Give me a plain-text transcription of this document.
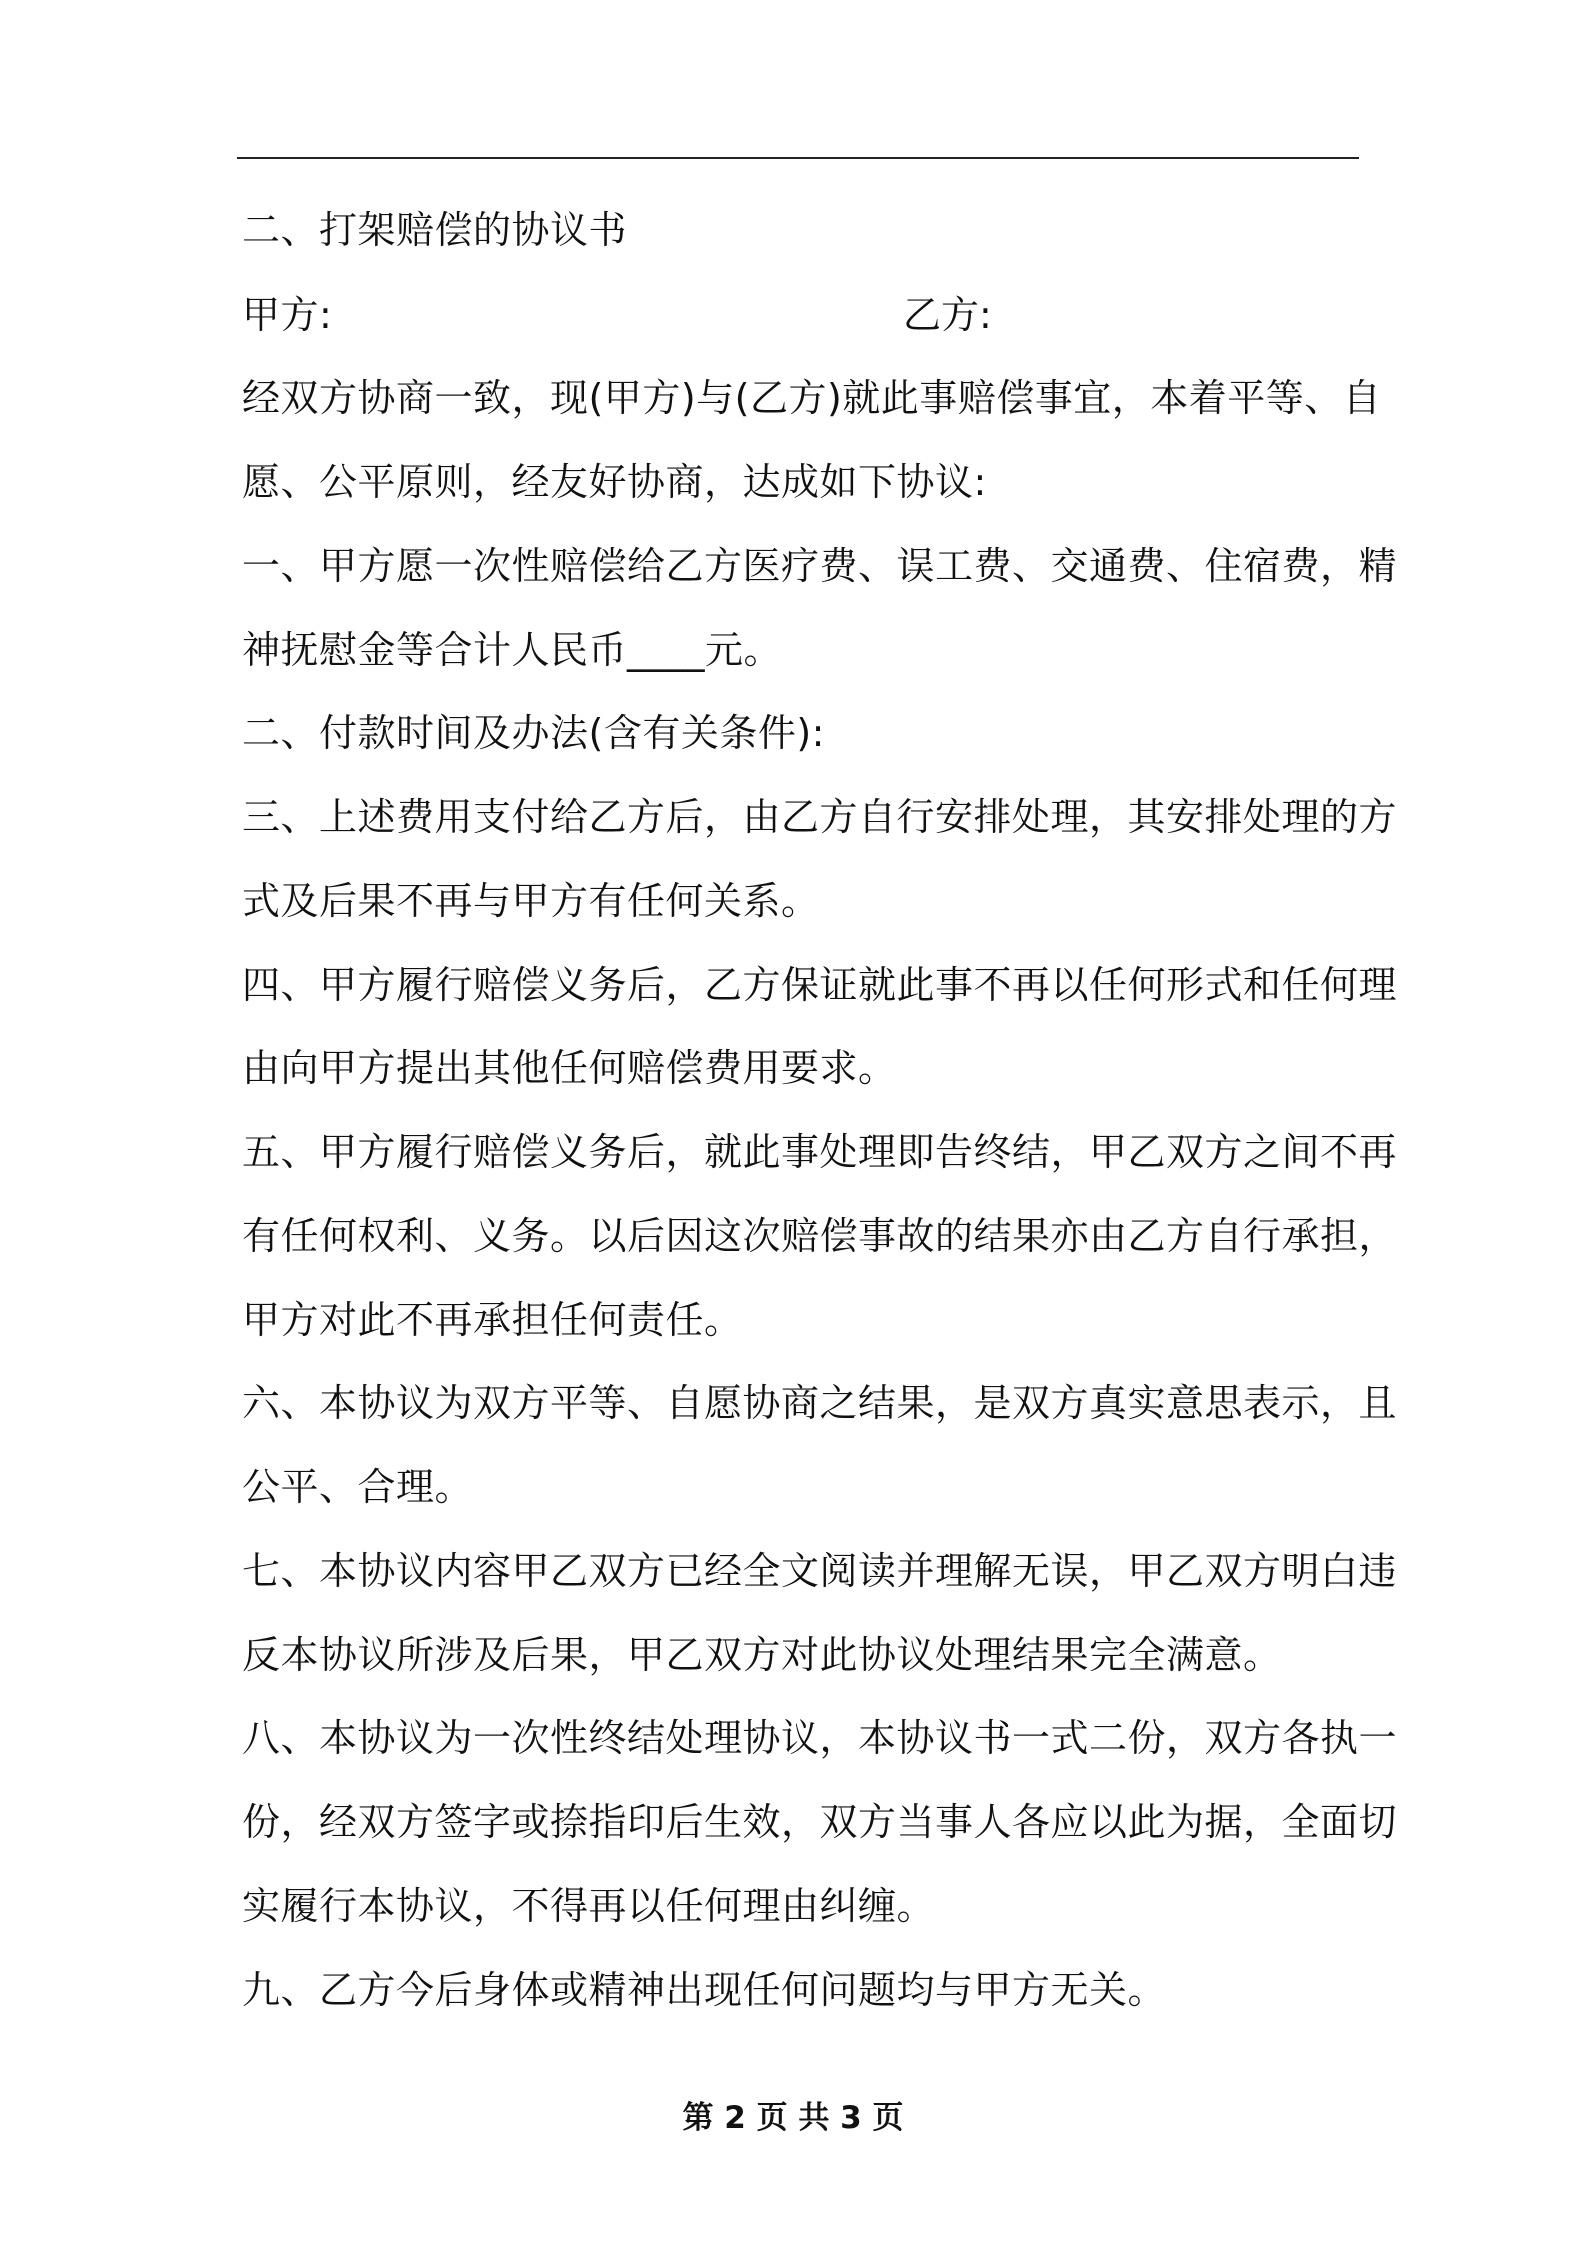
二、打架赔偿的协议书
甲方:	乙方:
经双方协商一致，现(甲方)与(乙方)就此事赔偿事宜，本着平等、自
愿、公平原则，经友好协商，达成如下协议:
一、甲方愿一次性赔偿给乙方医疗费、误工费、交通费、住宿费，精
神抚慰金等合计人民币____元。
二、付款时间及办法(含有关条件):
三、上述费用支付给乙方后，由乙方自行安排处理，其安排处理的方
式及后果不再与甲方有任何关系。
四、甲方履行赔偿义务后，乙方保证就此事不再以任何形式和任何理
由向甲方提出其他任何赔偿费用要求。
五、甲方履行赔偿义务后，就此事处理即告终结，甲乙双方之间不再
有任何权利、义务。以后因这次赔偿事故的结果亦由乙方自行承担，
甲方对此不再承担任何责任。
六、本协议为双方平等、自愿协商之结果，是双方真实意思表示，且
公平、合理。
七、本协议内容甲乙双方已经全文阅读并理解无误，甲乙双方明白违
反本协议所涉及后果，甲乙双方对此协议处理结果完全满意。
八、本协议为一次性终结处理协议，本协议书一式二份，双方各执一
份，经双方签字或捺指印后生效，双方当事人各应以此为据，全面切
实履行本协议，不得再以任何理由纠缠。
九、乙方今后身体或精神出现任何问题均与甲方无关。
第 2 页 共 3 页
